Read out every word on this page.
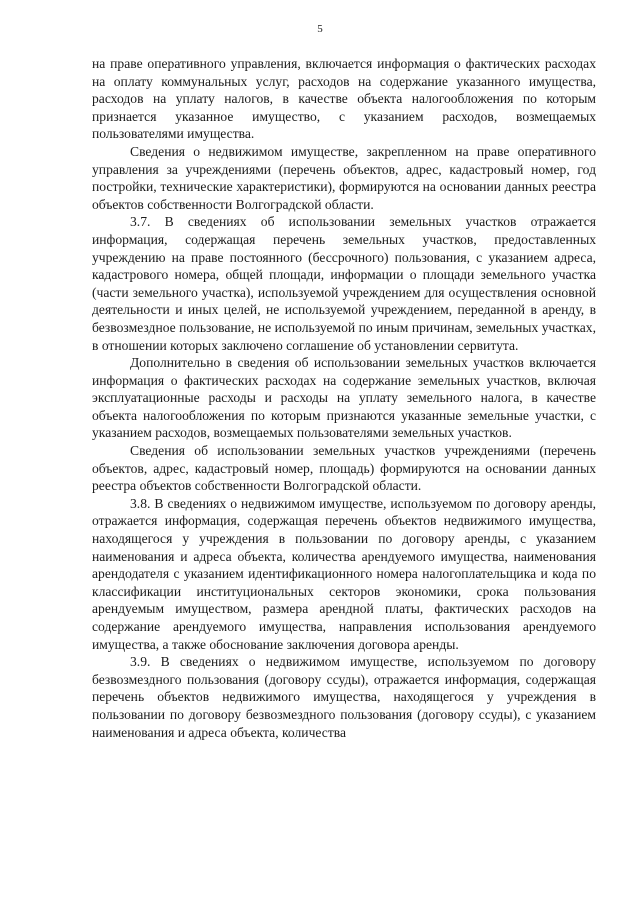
5

на праве оперативного управления, включается информация о фактических расходах на оплату коммунальных услуг, расходов на содержание указанного имущества, расходов на уплату налогов, в качестве объекта налогообложения по которым признается указанное имущество, с указанием расходов, возмещаемых пользователями имущества.

Сведения о недвижимом имуществе, закрепленном на праве оперативного управления за учреждениями (перечень объектов, адрес, кадастровый номер, год постройки, технические характеристики), формируются на основании данных реестра объектов собственности Волгоградской области.

3.7. В сведениях об использовании земельных участков отражается информация, содержащая перечень земельных участков, предоставленных учреждению на праве постоянного (бессрочного) пользования, с указанием адреса, кадастрового номера, общей площади, информации о площади земельного участка (части земельного участка), используемой учреждением для осуществления основной деятельности и иных целей, не используемой учреждением, переданной в аренду, в безвозмездное пользование, не используемой по иным причинам, земельных участках, в отношении которых заключено соглашение об установлении сервитута.

Дополнительно в сведения об использовании земельных участков включается информация о фактических расходах на содержание земельных участков, включая эксплуатационные расходы и расходы на уплату земельного налога, в качестве объекта налогообложения по которым признаются указанные земельные участки, с указанием расходов, возмещаемых пользователями земельных участков.

Сведения об использовании земельных участков учреждениями (перечень объектов, адрес, кадастровый номер, площадь) формируются на основании данных реестра объектов собственности Волгоградской области.

3.8. В сведениях о недвижимом имуществе, используемом по договору аренды, отражается информация, содержащая перечень объектов недвижимого имущества, находящегося у учреждения в пользовании по договору аренды, с указанием наименования и адреса объекта, количества арендуемого имущества, наименования арендодателя с указанием идентификационного номера налогоплательщика и кода по классификации институциональных секторов экономики, срока пользования арендуемым имуществом, размера арендной платы, фактических расходов на содержание арендуемого имущества, направления использования арендуемого имущества, а также обоснование заключения договора аренды.

3.9. В сведениях о недвижимом имуществе, используемом по договору безвозмездного пользования (договору ссуды), отражается информация, содержащая перечень объектов недвижимого имущества, находящегося у учреждения в пользовании по договору безвозмездного пользования (договору ссуды), с указанием наименования и адреса объекта, количества
